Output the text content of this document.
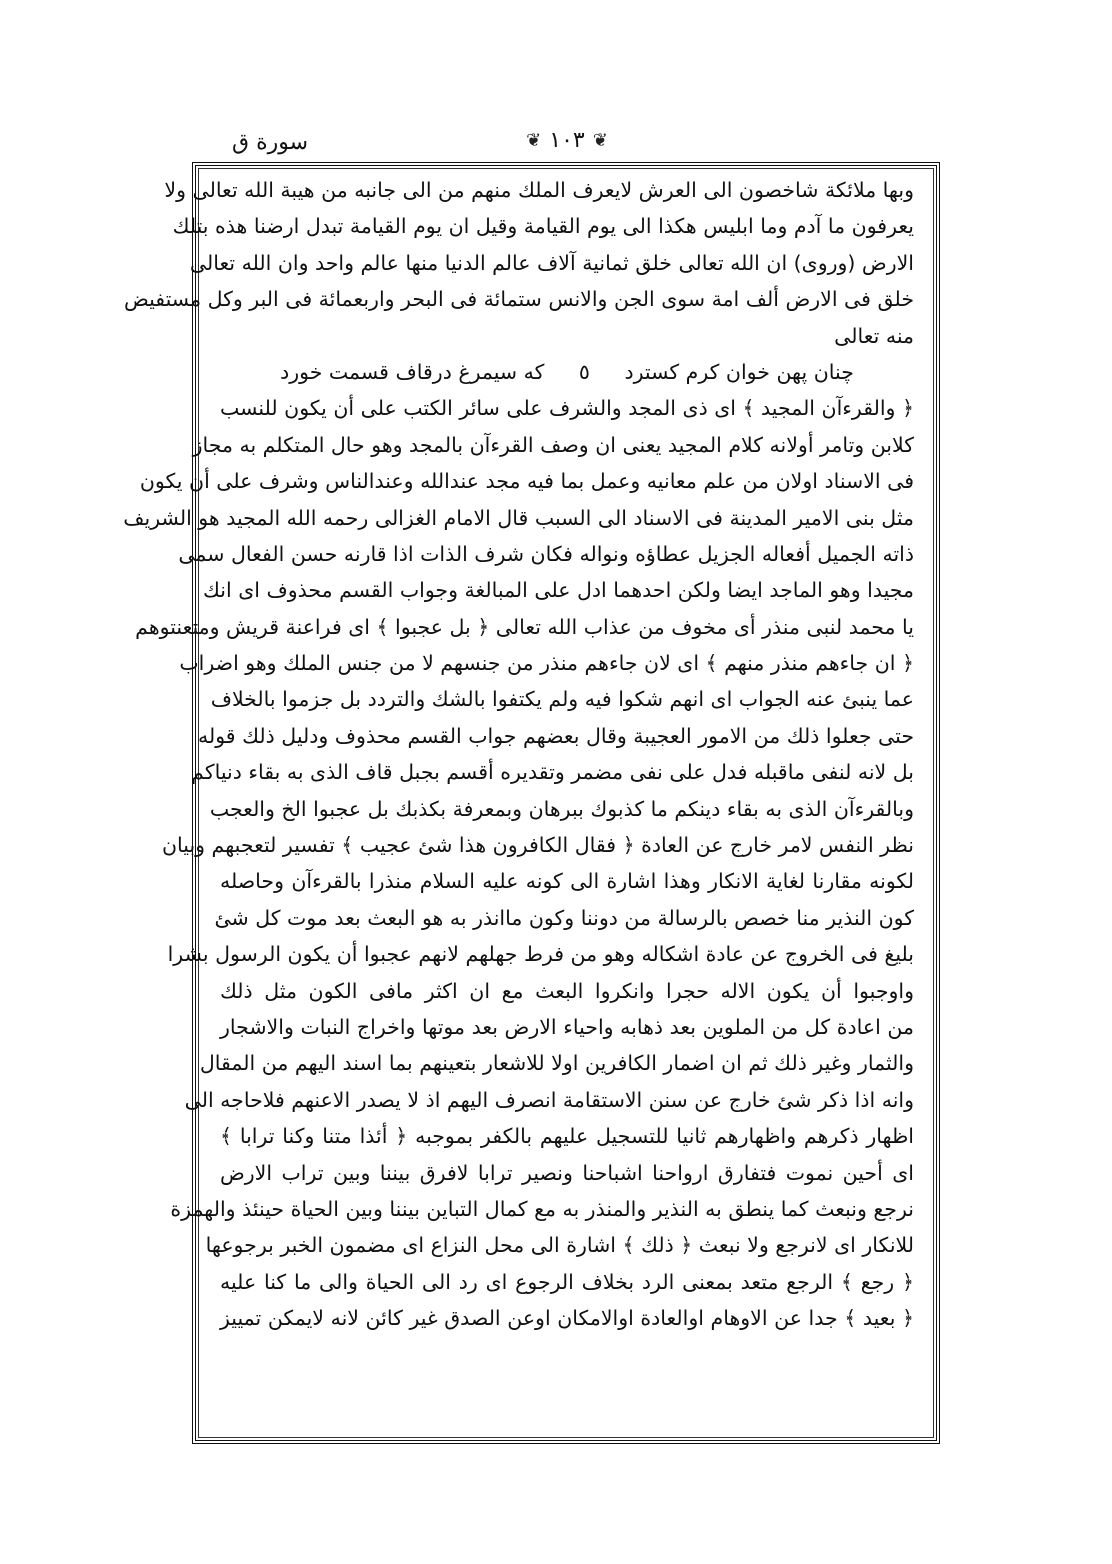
سورة ق	❦ ١٠٣ ❦
وبها ملائكة شاخصون الى العرش لايعرف الملك منهم من الى جانبه من هيبة الله تعالى ولا
يعرفون ما آدم وما ابليس هكذا الى يوم القيامة وقيل ان يوم القيامة تبدل ارضنا هذه بتلك
الارض (وروى) ان الله تعالى خلق ثمانية آلاف عالم الدنيا منها عالم واحد وان الله تعالى
خلق فى الارض ألف امة سوى الجن والانس ستمائة فى البحر واربعمائة فى البر وكل مستفيض
منه تعالى
چنان پهن خوان كرم كسترد ٥ كه سيمرغ درقاف قسمت خورد
﴿ والقرءآن المجيد ﴾ اى ذى المجد والشرف على سائر الكتب على أن يكون للنسب
كلابن وتامر أولانه كلام المجيد يعنى ان وصف القرءآن بالمجد وهو حال المتكلم به مجاز
فى الاسناد اولان من علم معانيه وعمل بما فيه مجد عندالله وعندالناس وشرف على أن يكون
مثل بنى الامير المدينة فى الاسناد الى السبب قال الامام الغزالى رحمه الله المجيد هو الشريف
ذاته الجميل أفعاله الجزيل عطاؤه ونواله فكان شرف الذات اذا قارنه حسن الفعال سمى
مجيدا وهو الماجد ايضا ولكن احدهما ادل على المبالغة وجواب القسم محذوف اى انك
يا محمد لنبى منذر أى مخوف من عذاب الله تعالى ﴿ بل عجبوا ﴾ اى فراعنة قريش ومتعنتوهم
﴿ ان جاءهم منذر منهم ﴾ اى لان جاءهم منذر من جنسهم لا من جنس الملك وهو اضراب
عما ينبئ عنه الجواب اى انهم شكوا فيه ولم يكتفوا بالشك والتردد بل جزموا بالخلاف
حتى جعلوا ذلك من الامور العجيبة وقال بعضهم جواب القسم محذوف ودليل ذلك قوله
بل لانه لنفى ماقبله فدل على نفى مضمر وتقديره أقسم بجبل قاف الذى به بقاء دنياكم
وبالقرءآن الذى به بقاء دينكم ما كذبوك ببرهان وبمعرفة بكذبك بل عجبوا الخ والعجب
نظر النفس لامر خارج عن العادة ﴿ فقال الكافرون هذا شئ عجيب ﴾ تفسير لتعجبهم وبيان
لكونه مقارنا لغاية الانكار وهذا اشارة الى كونه عليه السلام منذرا بالقرءآن وحاصله
كون النذير منا خصص بالرسالة من دوننا وكون ماانذر به هو البعث بعد موت كل شئ
بليغ فى الخروج عن عادة اشكاله وهو من فرط جهلهم لانهم عجبوا أن يكون الرسول بشرا
واوجبوا أن يكون الاله حجرا وانكروا البعث مع ان اكثر مافى الكون مثل ذلك
من اعادة كل من الملوين بعد ذهابه واحياء الارض بعد موتها واخراج النبات والاشجار
والثمار وغير ذلك ثم ان اضمار الكافرين اولا للاشعار بتعينهم بما اسند اليهم من المقال
وانه اذا ذكر شئ خارج عن سنن الاستقامة انصرف اليهم اذ لا يصدر الاعنهم فلاحاجه الى
اظهار ذكرهم واظهارهم ثانيا للتسجيل عليهم بالكفر بموجبه ﴿ أئذا متنا وكنا ترابا ﴾
اى أحين نموت فتفارق ارواحنا اشباحنا ونصير ترابا لافرق بيننا وبين تراب الارض
نرجع ونبعث كما ينطق به النذير والمنذر به مع كمال التباين بيننا وبين الحياة حينئذ والهمزة
للانكار اى لانرجع ولا نبعث ﴿ ذلك ﴾ اشارة الى محل النزاع اى مضمون الخبر برجوعها
﴿ رجع ﴾ الرجع متعد بمعنى الرد بخلاف الرجوع اى رد الى الحياة والى ما كنا عليه
﴿ بعيد ﴾ جدا عن الاوهام اوالعادة اوالامكان اوعن الصدق غير كائن لانه لايمكن تمييز
